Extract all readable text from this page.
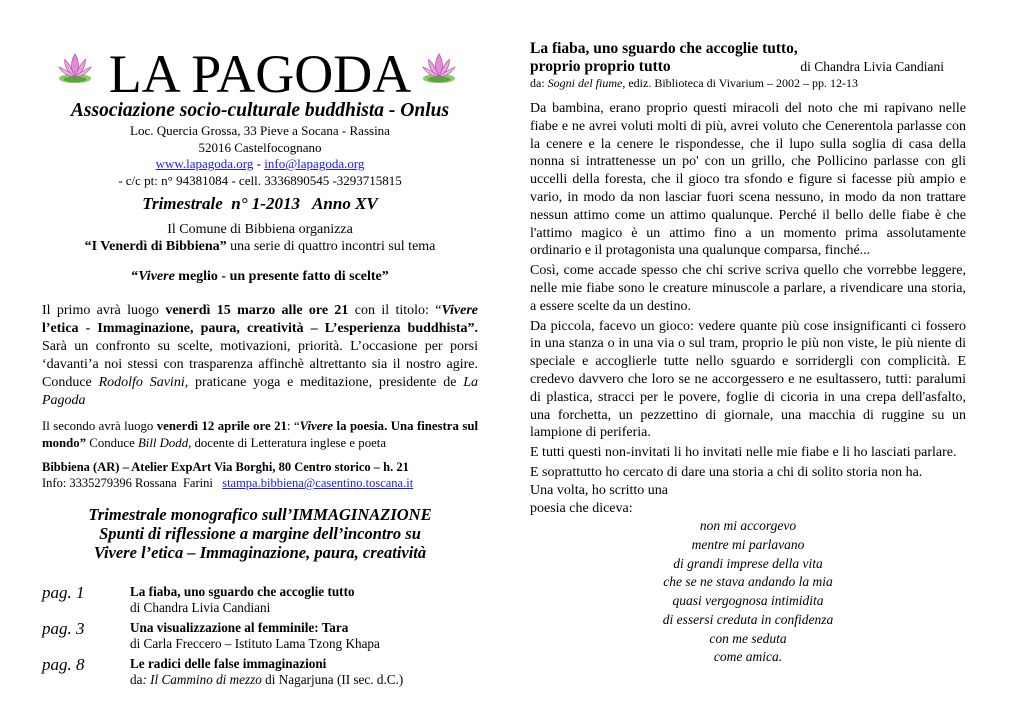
LA PAGODA
Associazione socio-culturale buddhista - Onlus
Loc. Quercia Grossa, 33 Pieve a Socana - Rassina
52016 Castelfocognano
www.lapagoda.org - info@lapagoda.org
- c/c pt: n° 94381084 - cell. 3336890545 -3293715815
Trimestrale  n° 1-2013   Anno XV
Il Comune di Bibbiena organizza
“I Venerdì di Bibbiena” una serie di quattro incontri sul tema
“Vivere meglio - un presente fatto di scelte”

Il primo avrà luogo venerdì 15 marzo alle ore 21 con il titolo: “Vivere l’etica - Immaginazione, paura, creatività – L’esperienza buddhista”. Sarà un confronto su scelte, motivazioni, priorità. L’occasione per porsi ‘davanti’a noi stessi con trasparenza affinchè altrettanto sia il nostro agire. Conduce Rodolfo Savini, praticane yoga e meditazione, presidente de La Pagoda

Il secondo avrà luogo venerdì 12 aprile ore 21: “Vivere la poesia. Una finestra sul mondo” Conduce Bill Dodd, docente di Letteratura inglese e poeta

Bibbiena (AR) – Atelier ExpArt Via Borghi, 80 Centro storico – h. 21
Info: 3335279396 Rossana  Farini   stampa.bibbiena@casentino.toscana.it
Trimestrale monografico sull’IMMAGINAZIONE
Spunti di riflessione a margine dell’incontro su
Vivere l’etica – Immaginazione, paura, creatività
pag. 1	La fiaba, uno sguardo che accoglie tutto
di Chandra Livia Candiani
pag. 3	Una visualizzazione al femminile: Tara
di Carla Freccero – Istituto Lama Tzong Khapa
pag. 8	Le radici delle false immaginazioni
da: Il Cammino di mezzo di Nagarjuna (II sec. d.C.)
La fiaba, uno sguardo che accoglie tutto,
proprio proprio tutto	di Chandra Livia Candiani
da: Sogni del fiume, ediz. Biblioteca di Vivarium – 2002 – pp. 12-13

Da bambina, erano proprio questi miracoli del noto che mi rapivano nelle fiabe e ne avrei voluti molti di più, avrei voluto che Cenerentola parlasse con la cenere e la cenere le rispondesse, che il lupo sulla soglia di casa della nonna si intrattenesse un po' con un grillo, che Pollicino parlasse con gli uccelli della foresta, che il gioco tra sfondo e figure si facesse più ampio e vario, in modo da non lasciar fuori scena nessuno, in modo da non trattare nessun attimo come un attimo qualunque. Perché il bello delle fiabe è che l'attimo magico è un attimo fino a un momento prima assolutamente ordinario e il protagonista una qualunque comparsa, finché...

Così, come accade spesso che chi scrive scriva quello che vorrebbe leggere, nelle mie fiabe sono le creature minuscole a parlare, a rivendicare una storia, a essere scelte da un destino.

Da piccola, facevo un gioco: vedere quante più cose insignificanti ci fossero in una stanza o in una via o sul tram, proprio le più non viste, le più niente di speciale e accoglierle tutte nello sguardo e sorridergli con complicità. E credevo davvero che loro se ne accorgessero e ne esultassero, tutti: paralumi di plastica, stracci per le povere, foglie di cicoria in una crepa dell'asfalto, una forchetta, un pezzettino di giornale, una macchia di ruggine su un lampione di periferia.

E tutti questi non-invitati li ho invitati nelle mie fiabe e li ho lasciati parlare.

E soprattutto ho cercato di dare una storia a chi di solito storia non ha.

Una volta, ho scritto una
poesia che diceva:
non mi accorgevo
mentre mi parlavano
di grandi imprese della vita
che se ne stava andando la mia
quasi vergognosa intimidita
di essersi creduta in confidenza
con me seduta
come amica.
